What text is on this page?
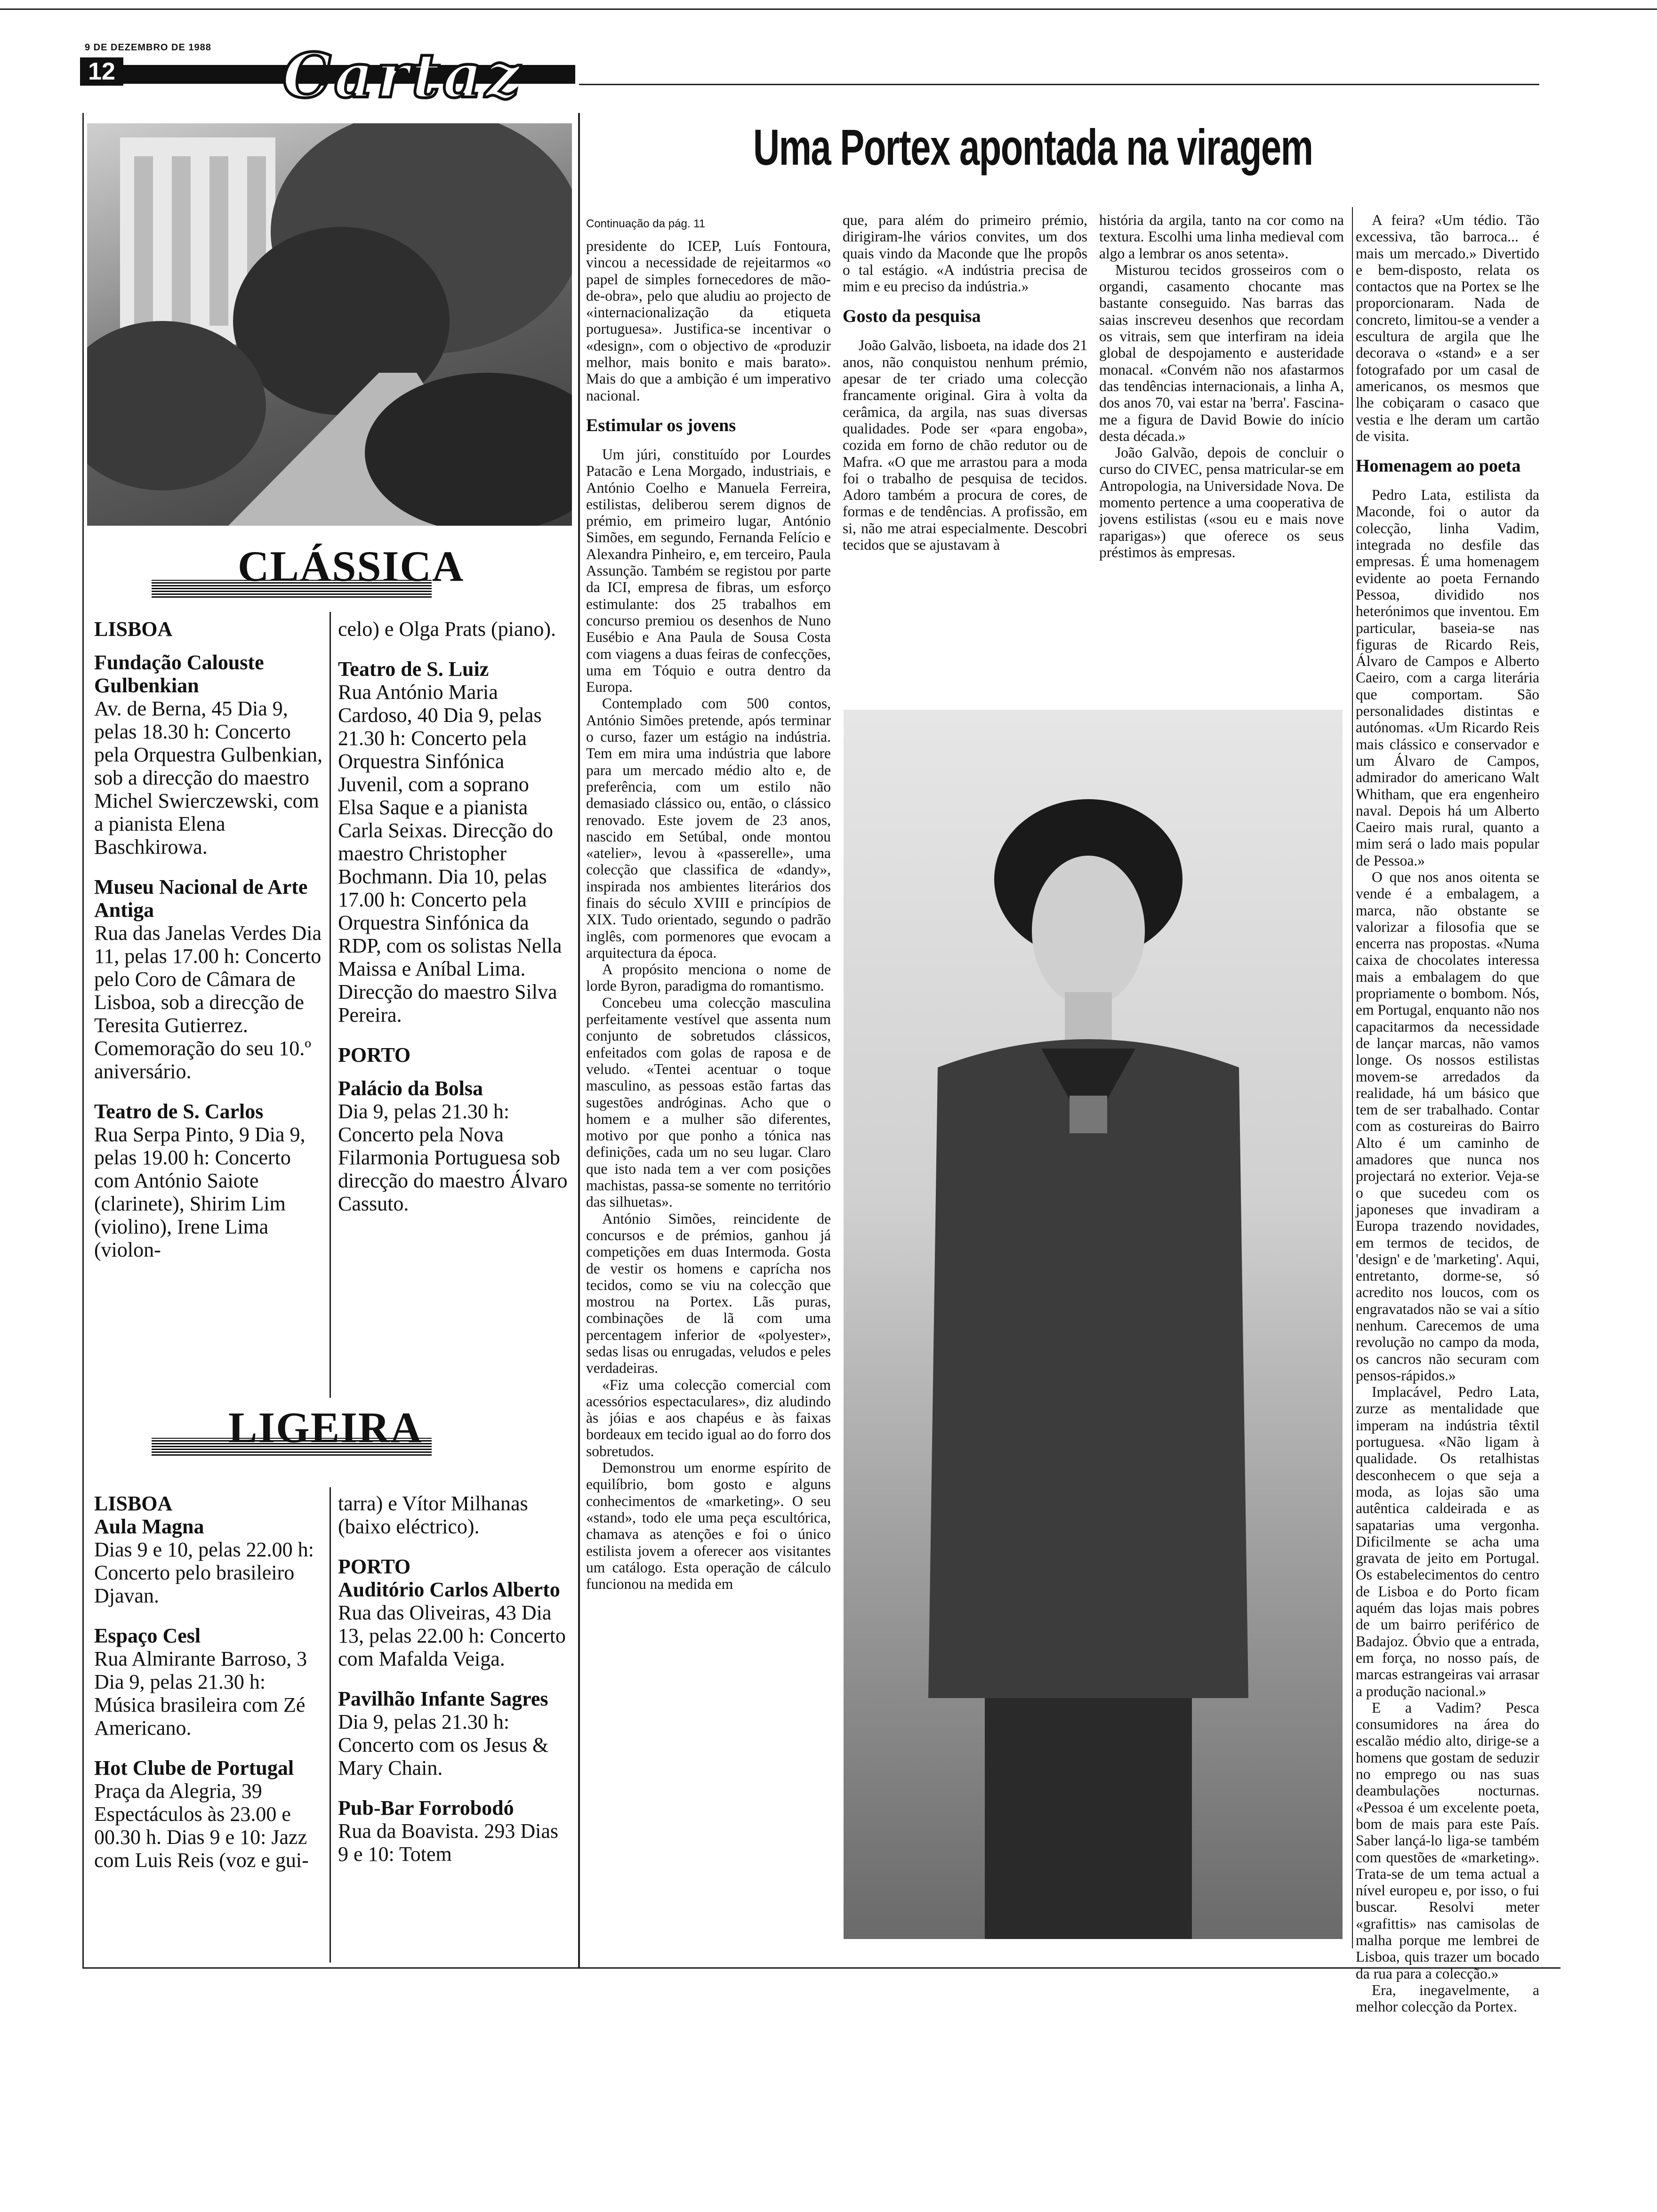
9 DE DEZEMBRO DE 1988
12	Cartaz
CLÁSSICA
LISBOA
Fundação Calouste Gulbenkian
Av. de Berna, 45 Dia 9, pelas 18.30 h: Concerto pela Orquestra Gulbenkian, sob a direcção do maestro Michel Swierczewski, com a pianista Elena Baschkirowa.
Museu Nacional de Arte Antiga
Rua das Janelas Verdes Dia 11, pelas 17.00 h: Concerto pelo Coro de Câmara de Lisboa, sob a direcção de Teresita Gutierrez. Comemoração do seu 10.º aniversário.
Teatro de S. Carlos
Rua Serpa Pinto, 9 Dia 9, pelas 19.00 h: Concerto com António Saiote (clarinete), Shirim Lim (violino), Irene Lima (violon-
celo) e Olga Prats (piano).
Teatro de S. Luiz
Rua António Maria Cardoso, 40 Dia 9, pelas 21.30 h: Concerto pela Orquestra Sinfónica Juvenil, com a soprano Elsa Saque e a pianista Carla Seixas. Direcção do maestro Christopher Bochmann. Dia 10, pelas 17.00 h: Concerto pela Orquestra Sinfónica da RDP, com os solistas Nella Maissa e Aníbal Lima. Direcção do maestro Silva Pereira.
PORTO
Palácio da Bolsa
Dia 9, pelas 21.30 h: Concerto pela Nova Filarmonia Portuguesa sob direcção do maestro Álvaro Cassuto.
LIGEIRA
LISBOA
Aula Magna
Dias 9 e 10, pelas 22.00 h: Concerto pelo brasileiro Djavan.
Espaço Cesl
Rua Almirante Barroso, 3 Dia 9, pelas 21.30 h: Música brasileira com Zé Americano.
Hot Clube de Portugal
Praça da Alegria, 39 Espectáculos às 23.00 e 00.30 h. Dias 9 e 10: Jazz com Luis Reis (voz e gui-
tarra) e Vítor Milhanas (baixo eléctrico).
PORTO
Auditório Carlos Alberto
Rua das Oliveiras, 43 Dia 13, pelas 22.00 h: Concerto com Mafalda Veiga.
Pavilhão Infante Sagres
Dia 9, pelas 21.30 h: Concerto com os Jesus & Mary Chain.
Pub-Bar Forrobodó
Rua da Boavista. 293 Dias 9 e 10: Totem
Uma Portex apontada na viragem
Continuação da pág. 11

presidente do ICEP, Luís Fontoura, vincou a necessidade de rejeitarmos «o papel de simples fornecedores de mão-de-obra», pelo que aludiu ao projecto de «internacionalização da etiqueta portuguesa». Justifica-se incentivar o «design», com o objectivo de «produzir melhor, mais bonito e mais barato». Mais do que a ambição é um imperativo nacional.

Estimular os jovens

Um júri, constituído por Lourdes Patacão e Lena Morgado, industriais, e António Coelho e Manuela Ferreira, estilistas, deliberou serem dignos de prémio, em primeiro lugar, António Simões, em segundo, Fernanda Felício e Alexandra Pinheiro, e, em terceiro, Paula Assunção. Também se registou por parte da ICI, empresa de fibras, um esforço estimulante: dos 25 trabalhos em concurso premiou os desenhos de Nuno Eusébio e Ana Paula de Sousa Costa com viagens a duas feiras de confecções, uma em Tóquio e outra dentro da Europa.

Contemplado com 500 contos, António Simões pretende, após terminar o curso, fazer um estágio na indústria. Tem em mira uma indústria que labore para um mercado médio alto e, de preferência, com um estilo não demasiado clássico ou, então, o clássico renovado. Este jovem de 23 anos, nascido em Setúbal, onde montou «atelier», levou à «passerelle», uma colecção que classifica de «dandy», inspirada nos ambientes literários dos finais do século XVIII e princípios de XIX. Tudo orientado, segundo o padrão inglês, com pormenores que evocam a arquitectura da época.

A propósito menciona o nome de lorde Byron, paradigma do romantismo.

Concebeu uma colecção masculina perfeitamente vestível que assenta num conjunto de sobretudos clássicos, enfeitados com golas de raposa e de veludo. «Tentei acentuar o toque masculino, as pessoas estão fartas das sugestões andróginas. Acho que o homem e a mulher são diferentes, motivo por que ponho a tónica nas definições, cada um no seu lugar. Claro que isto nada tem a ver com posições machistas, passa-se somente no território das silhuetas».

António Simões, reincidente de concursos e de prémios, ganhou já competições em duas Intermoda. Gosta de vestir os homens e caprícha nos tecidos, como se viu na colecção que mostrou na Portex. Lãs puras, combinações de lã com uma percentagem inferior de «polyester», sedas lisas ou enrugadas, veludos e peles verdadeiras.

«Fiz uma colecção comercial com acessórios espectaculares», diz aludindo às jóias e aos chapéus e às faixas bordeaux em tecido igual ao do forro dos sobretudos.

Demonstrou um enorme espírito de equilíbrio, bom gosto e alguns conhecimentos de «marketing». O seu «stand», todo ele uma peça escultórica, chamava as atenções e foi o único estilista jovem a oferecer aos visitantes um catálogo. Esta operação de cálculo funcionou na medida em

que, para além do primeiro prémio, dirigiram-lhe vários convites, um dos quais vindo da Maconde que lhe propôs o tal estágio. «A indústria precisa de mim e eu preciso da indústria.»

Gosto da pesquisa

João Galvão, lisboeta, na idade dos 21 anos, não conquistou nenhum prémio, apesar de ter criado uma colecção francamente original. Gira à volta da cerâmica, da argila, nas suas diversas qualidades. Pode ser «para engoba», cozida em forno de chão redutor ou de Mafra. «O que me arrastou para a moda foi o trabalho de pesquisa de tecidos. Adoro também a procura de cores, de formas e de tendências. A profissão, em si, não me atrai especialmente. Descobri tecidos que se ajustavam à

história da argila, tanto na cor como na textura. Escolhi uma linha medieval com algo a lembrar os anos setenta».

Misturou tecidos grosseiros com o organdi, casamento chocante mas bastante conseguido. Nas barras das saias inscreveu desenhos que recordam os vitrais, sem que interfiram na ideia global de despojamento e austeridade monacal. «Convém não nos afastarmos das tendências internacionais, a linha A, dos anos 70, vai estar na 'berra'. Fascina-me a figura de David Bowie do início desta década.»

João Galvão, depois de concluir o curso do CIVEC, pensa matricular-se em Antropologia, na Universidade Nova. De momento pertence a uma cooperativa de jovens estilistas («sou eu e mais nove raparigas») que oferece os seus préstimos às empresas.

A feira? «Um tédio. Tão excessiva, tão barroca... é mais um mercado.» Divertido e bem-disposto, relata os contactos que na Portex se lhe proporcionaram. Nada de concreto, limitou-se a vender a escultura de argila que lhe decorava o «stand» e a ser fotografado por um casal de americanos, os mesmos que lhe cobiçaram o casaco que vestia e lhe deram um cartão de visita.

Homenagem ao poeta

Pedro Lata, estilista da Maconde, foi o autor da colecção, linha Vadim, integrada no desfile das empresas. É uma homenagem evidente ao poeta Fernando Pessoa, dividido nos heterónimos que inventou. Em particular, baseia-se nas figuras de Ricardo Reis, Álvaro de Campos e Alberto Caeiro, com a carga literária que comportam. São personalidades distintas e autónomas. «Um Ricardo Reis mais clássico e conservador e um Álvaro de Campos, admirador do americano Walt Whitham, que era engenheiro naval. Depois há um Alberto Caeiro mais rural, quanto a mim será o lado mais popular de Pessoa.»

O que nos anos oitenta se vende é a embalagem, a marca, não obstante se valorizar a filosofia que se encerra nas propostas. «Numa caixa de chocolates interessa mais a embalagem do que propriamente o bombom. Nós, em Portugal, enquanto não nos capacitarmos da necessidade de lançar marcas, não vamos longe. Os nossos estilistas movem-se arredados da realidade, há um básico que tem de ser trabalhado. Contar com as costureiras do Bairro Alto é um caminho de amadores que nunca nos projectará no exterior. Veja-se o que sucedeu com os japoneses que invadiram a Europa trazendo novidades, em termos de tecidos, de 'design' e de 'marketing'. Aqui, entretanto, dorme-se, só acredito nos loucos, com os engravatados não se vai a sítio nenhum. Carecemos de uma revolução no campo da moda, os cancros não securam com pensos-rápidos.»

Implacável, Pedro Lata, zurze as mentalidade que imperam na indústria têxtil portuguesa. «Não ligam à qualidade. Os retalhistas desconhecem o que seja a moda, as lojas são uma autêntica caldeirada e as sapatarias uma vergonha. Dificilmente se acha uma gravata de jeito em Portugal. Os estabelecimentos do centro de Lisboa e do Porto ficam aquém das lojas mais pobres de um bairro periférico de Badajoz. Óbvio que a entrada, em força, no nosso país, de marcas estrangeiras vai arrasar a produção nacional.»

E a Vadim? Pesca consumidores na área do escalão médio alto, dirige-se a homens que gostam de seduzir no emprego ou nas suas deambulações nocturnas. «Pessoa é um excelente poeta, bom de mais para este País. Saber lançá-lo liga-se também com questões de «marketing». Trata-se de um tema actual a nível europeu e, por isso, o fui buscar. Resolvi meter «grafittis» nas camisolas de malha porque me lembrei de Lisboa, quis trazer um bocado da rua para a colecção.»

Era, inegavelmente, a melhor colecção da Portex.
